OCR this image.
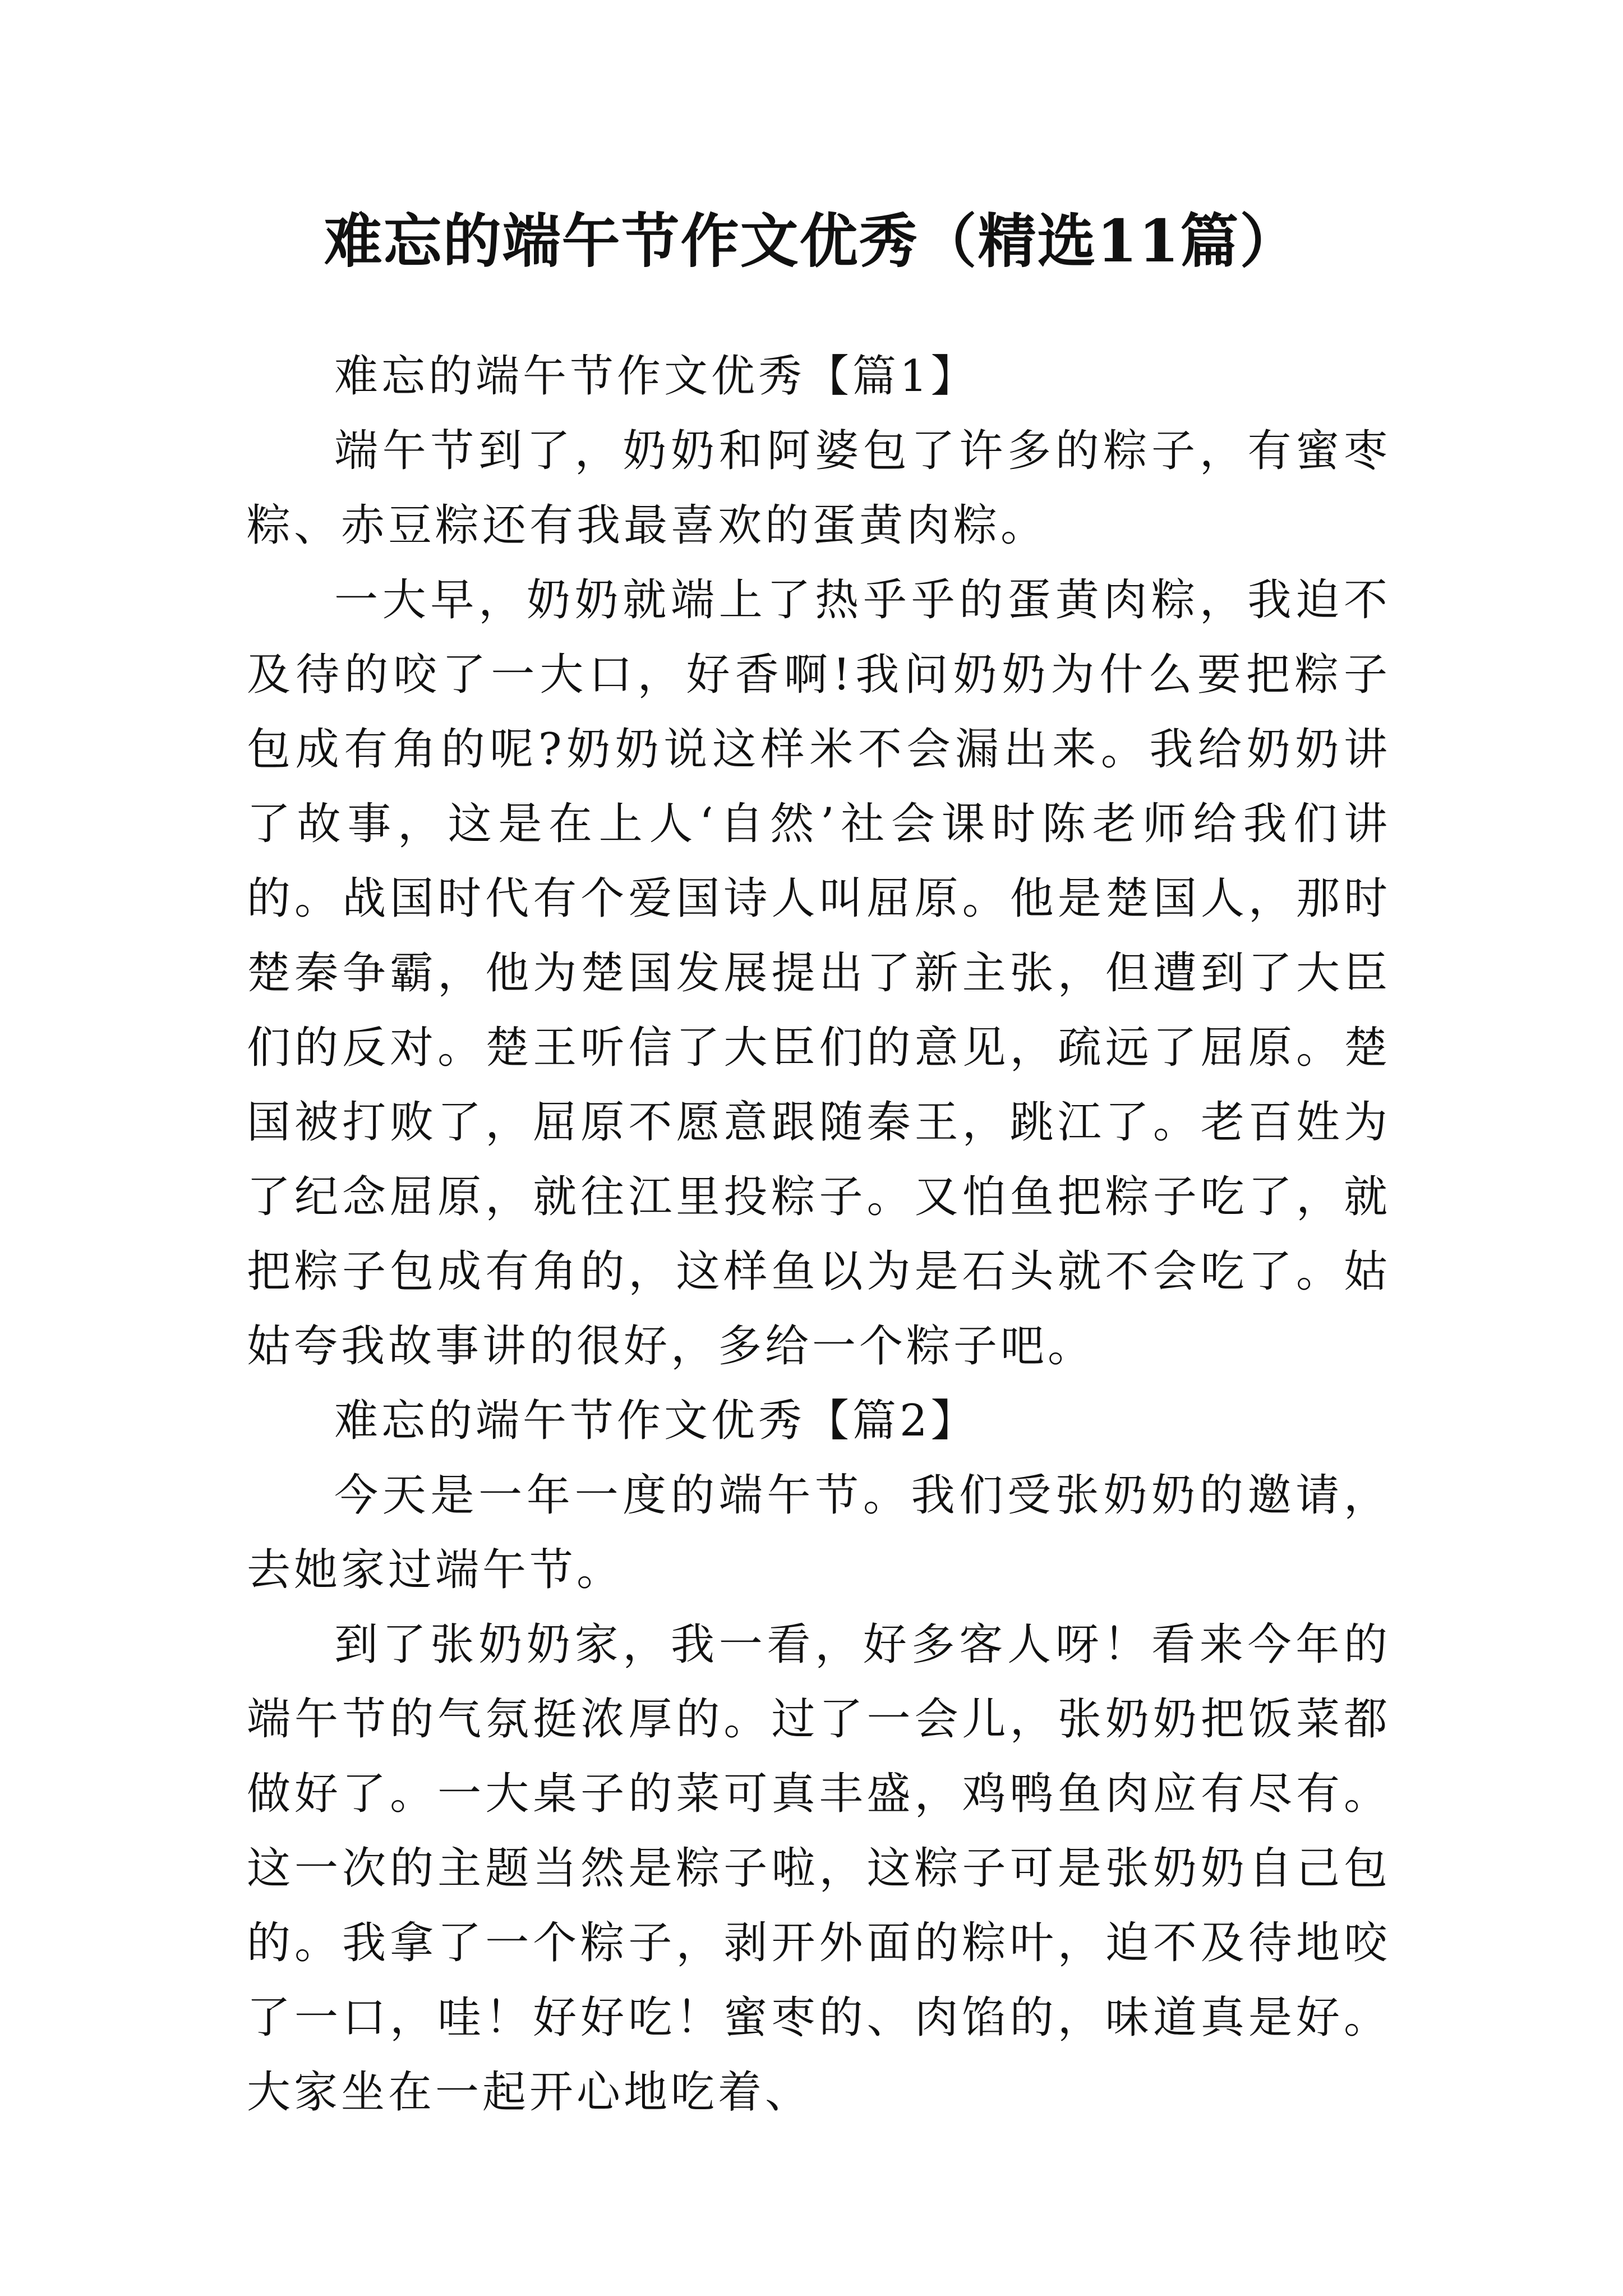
难忘的端午节作文优秀（精选11篇）

难忘的端午节作文优秀【篇1】

端午节到了，奶奶和阿婆包了许多的粽子，有蜜枣粽、赤豆粽还有我最喜欢的蛋黄肉粽。

一大早，奶奶就端上了热乎乎的蛋黄肉粽，我迫不及待的咬了一大口，好香啊!我问奶奶为什么要把粽子包成有角的呢?奶奶说这样米不会漏出来。我给奶奶讲了故事，这是在上人‘自然’社会课时陈老师给我们讲的。战国时代有个爱国诗人叫屈原。他是楚国人，那时楚秦争霸，他为楚国发展提出了新主张，但遭到了大臣们的反对。楚王听信了大臣们的意见，疏远了屈原。楚国被打败了，屈原不愿意跟随秦王，跳江了。老百姓为了纪念屈原，就往江里投粽子。又怕鱼把粽子吃了，就把粽子包成有角的，这样鱼以为是石头就不会吃了。姑姑夸我故事讲的很好，多给一个粽子吧。

难忘的端午节作文优秀【篇2】

今天是一年一度的端午节。我们受张奶奶的邀请，去她家过端午节。

到了张奶奶家，我一看，好多客人呀！看来今年的端午节的气氛挺浓厚的。过了一会儿，张奶奶把饭菜都做好了。一大桌子的菜可真丰盛，鸡鸭鱼肉应有尽有。这一次的主题当然是粽子啦，这粽子可是张奶奶自己包的。我拿了一个粽子，剥开外面的粽叶，迫不及待地咬了一口，哇！好好吃！蜜枣的、肉馅的，味道真是好。大家坐在一起开心地吃着、
